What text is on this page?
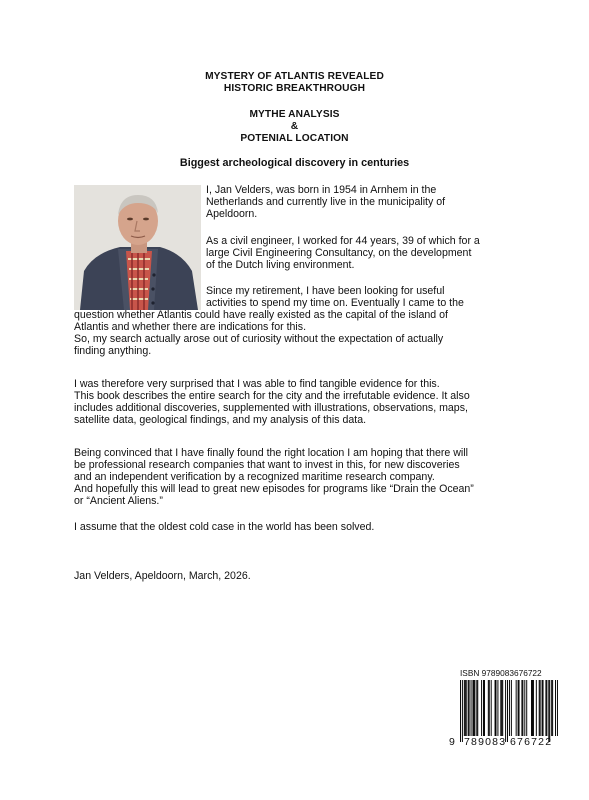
MYSTERY OF ATLANTIS REVEALED
HISTORIC BREAKTHROUGH
MYTHE ANALYSIS
&
POTENIAL LOCATION
Biggest archeological discovery in centuries
I, Jan Velders, was born in 1954 in Arnhem in the
Netherlands and currently live in the municipality of
Apeldoorn.
As a civil engineer, I worked for 44 years, 39 of which for a
large Civil Engineering Consultancy, on the development
of the Dutch living environment.
Since my retirement, I have been looking for useful
activities to spend my time on. Eventually I came to the
question whether Atlantis could have really existed as the capital of the island of
Atlantis and whether there are indications for this.
So, my search actually arose out of curiosity without the expectation of actually
finding anything.
I was therefore very surprised that I was able to find tangible evidence for this.
This book describes the entire search for the city and the irrefutable evidence. It also
includes additional discoveries, supplemented with illustrations, observations, maps,
satellite data, geological findings, and my analysis of this data.
Being convinced that I have finally found the right location I am hoping that there will
be professional research companies that want to invest in this, for new discoveries
and an independent verification by a recognized maritime research company.
And hopefully this will lead to great new episodes for programs like “Drain the Ocean”
or “Ancient Aliens.”
I assume that the oldest cold case in the world has been solved.
Jan Velders, Apeldoorn, March, 2026.
ISBN 9789083676722
9 789083 676722
